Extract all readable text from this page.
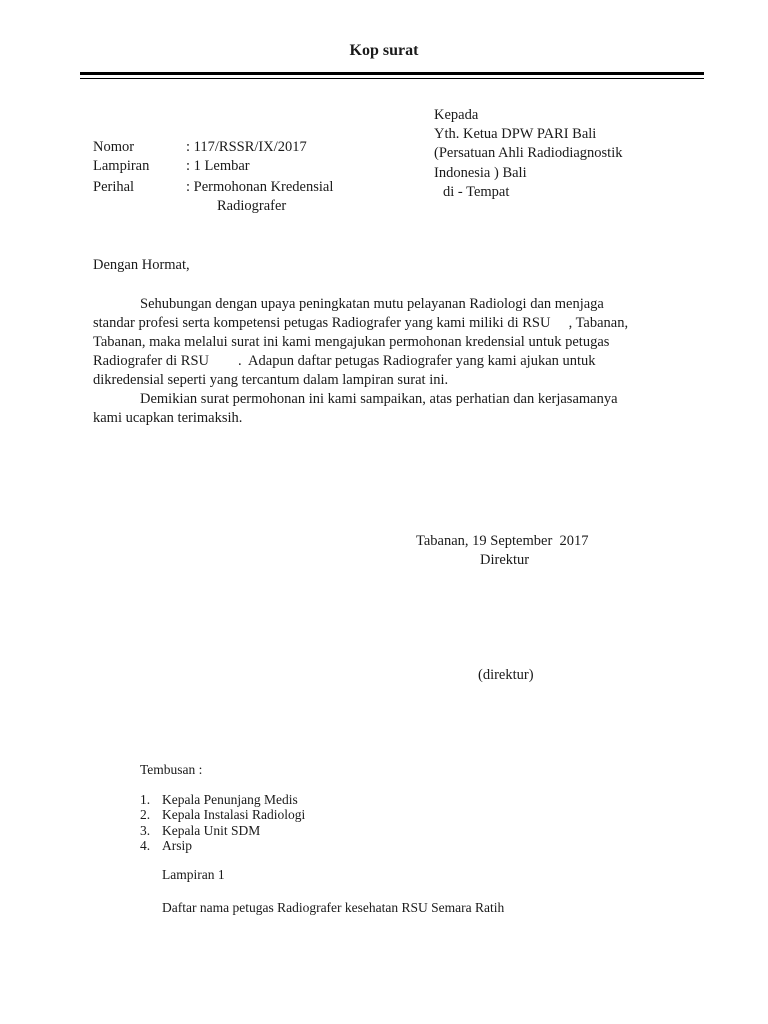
Kop surat
Nomor	: 117/RSSR/IX/2017
Lampiran	: 1 Lembar
Perihal	: Permohonan Kredensial
Radiografer
Kepada
Yth. Ketua DPW PARI Bali
(Persatuan Ahli Radiodiagnostik
Indonesia ) Bali
di - Tempat
Dengan Hormat,
Sehubungan dengan upaya peningkatan mutu pelayanan Radiologi dan menjaga
standar profesi serta kompetensi petugas Radiografer yang kami miliki di RSU     , Tabanan,
Tabanan, maka melalui surat ini kami mengajukan permohonan kredensial untuk petugas
Radiografer di RSU        .  Adapun daftar petugas Radiografer yang kami ajukan untuk
dikredensial seperti yang tercantum dalam lampiran surat ini.
Demikian surat permohonan ini kami sampaikan, atas perhatian dan kerjasamanya
kami ucapkan terimaksih.
Tabanan, 19 September  2017
Direktur
(direktur)
Tembusan :
1. Kepala Penunjang Medis
2. Kepala Instalasi Radiologi
3. Kepala Unit SDM
4. Arsip
Lampiran 1
Daftar nama petugas Radiografer kesehatan RSU Semara Ratih
